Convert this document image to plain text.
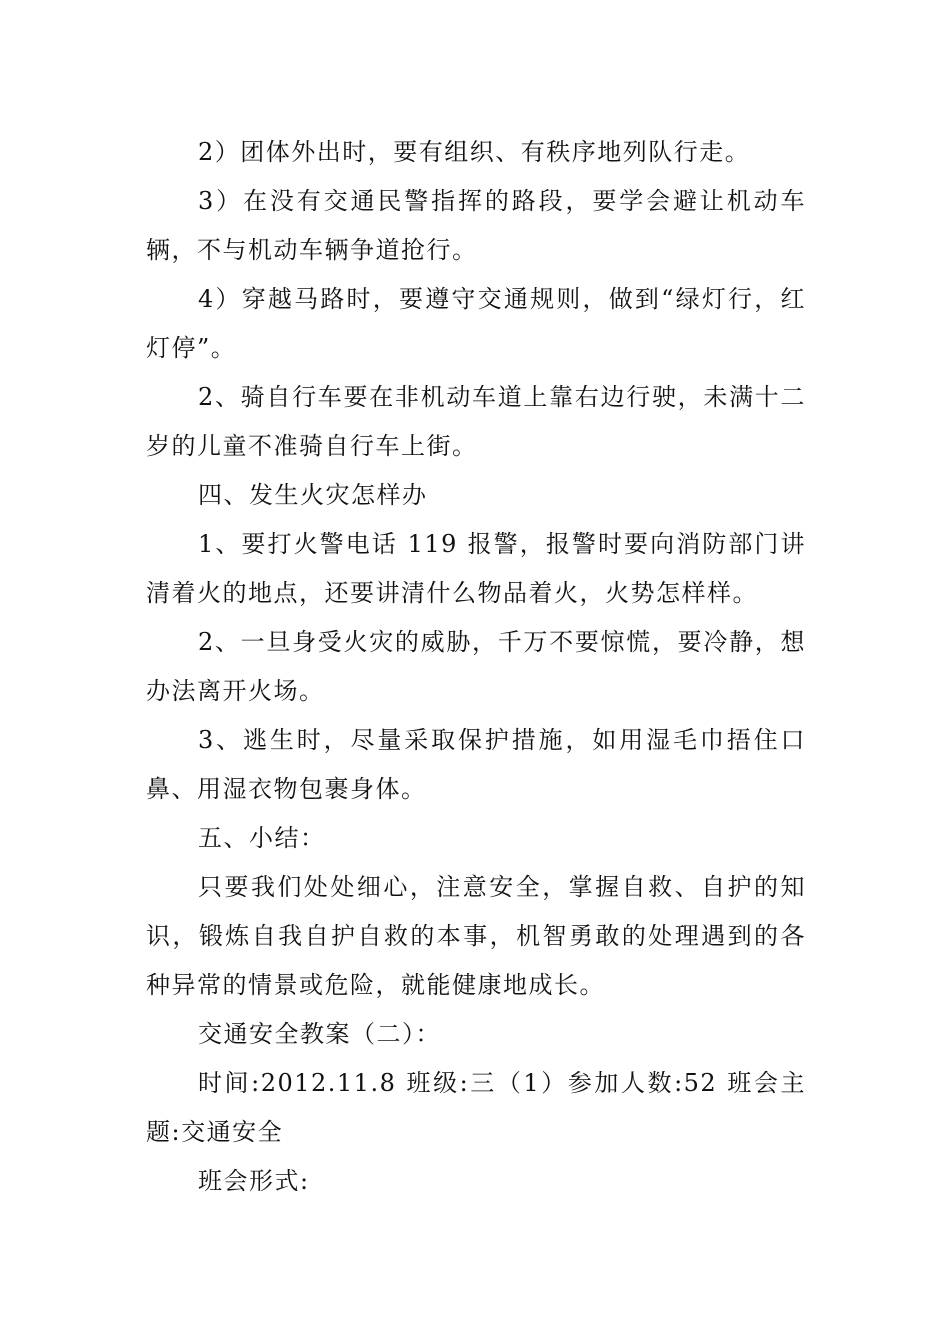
2）团体外出时，要有组织、有秩序地列队行走。

3）在没有交通民警指挥的路段，要学会避让机动车辆，不与机动车辆争道抢行。

4）穿越马路时，要遵守交通规则，做到“绿灯行，红灯停”。

2、骑自行车要在非机动车道上靠右边行驶，未满十二岁的儿童不准骑自行车上街。

四、发生火灾怎样办

1、要打火警电话 119 报警，报警时要向消防部门讲清着火的地点，还要讲清什么物品着火，火势怎样样。

2、一旦身受火灾的威胁，千万不要惊慌，要冷静，想办法离开火场。

3、逃生时，尽量采取保护措施，如用湿毛巾捂住口鼻、用湿衣物包裹身体。

五、小结：

只要我们处处细心，注意安全，掌握自救、自护的知识，锻炼自我自护自救的本事，机智勇敢的处理遇到的各种异常的情景或危险，就能健康地成长。

交通安全教案（二）：

时间:2012.11.8 班级:三（1）参加人数:52 班会主题:交通安全

班会形式:
